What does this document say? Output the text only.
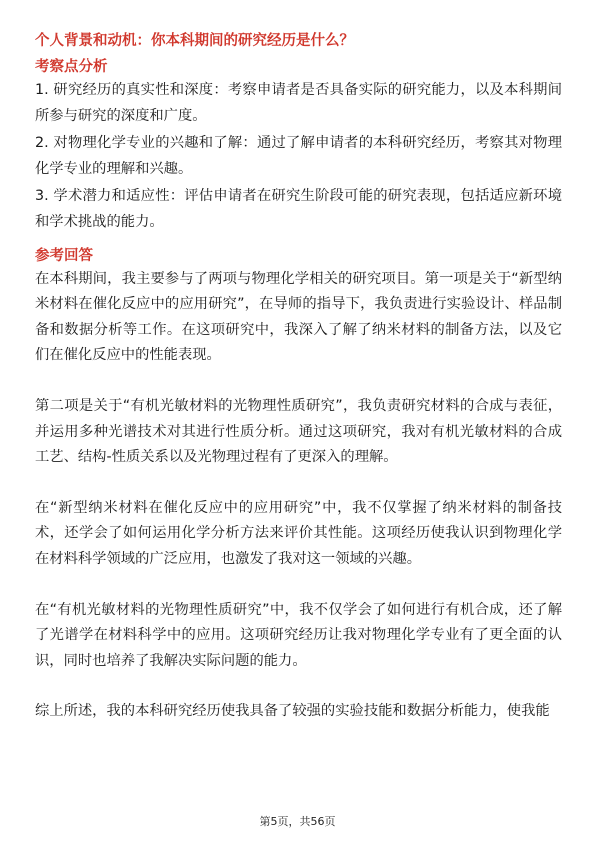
个人背景和动机：你本科期间的研究经历是什么？

考察点分析

1. 研究经历的真实性和深度：考察申请者是否具备实际的研究能力，以及本科期间所参与研究的深度和广度。

2. 对物理化学专业的兴趣和了解：通过了解申请者的本科研究经历，考察其对物理化学专业的理解和兴趣。

3. 学术潜力和适应性：评估申请者在研究生阶段可能的研究表现，包括适应新环境和学术挑战的能力。

参考回答

在本科期间，我主要参与了两项与物理化学相关的研究项目。第一项是关于“新型纳米材料在催化反应中的应用研究”，在导师的指导下，我负责进行实验设计、样品制备和数据分析等工作。在这项研究中，我深入了解了纳米材料的制备方法，以及它们在催化反应中的性能表现。

第二项是关于“有机光敏材料的光物理性质研究”，我负责研究材料的合成与表征，并运用多种光谱技术对其进行性质分析。通过这项研究，我对有机光敏材料的合成工艺、结构-性质关系以及光物理过程有了更深入的理解。

在“新型纳米材料在催化反应中的应用研究”中，我不仅掌握了纳米材料的制备技术，还学会了如何运用化学分析方法来评价其性能。这项经历使我认识到物理化学在材料科学领域的广泛应用，也激发了我对这一领域的兴趣。

在“有机光敏材料的光物理性质研究”中，我不仅学会了如何进行有机合成，还了解了光谱学在材料科学中的应用。这项研究经历让我对物理化学专业有了更全面的认识，同时也培养了我解决实际问题的能力。

综上所述，我的本科研究经历使我具备了较强的实验技能和数据分析能力，使我能

第5页，共56页
